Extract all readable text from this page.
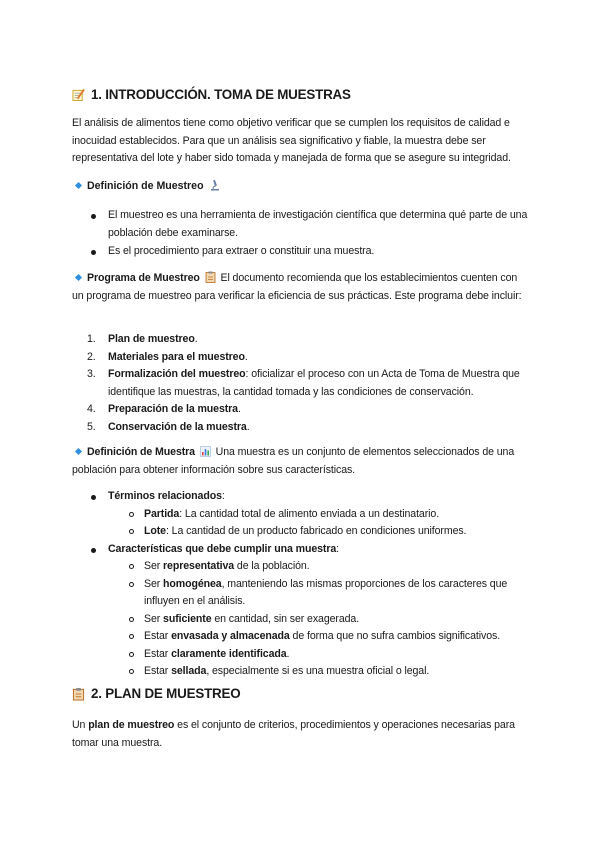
1. INTRODUCCIÓN. TOMA DE MUESTRAS
El análisis de alimentos tiene como objetivo verificar que se cumplen los requisitos de calidad e inocuidad establecidos. Para que un análisis sea significativo y fiable, la muestra debe ser representativa del lote y haber sido tomada y manejada de forma que se asegure su integridad.
Definición de Muestreo
El muestreo es una herramienta de investigación científica que determina qué parte de una población debe examinarse.
Es el procedimiento para extraer o constituir una muestra.
Programa de Muestreo  El documento recomienda que los establecimientos cuenten con un programa de muestreo para verificar la eficiencia de sus prácticas. Este programa debe incluir:
1. Plan de muestreo.
2. Materiales para el muestreo.
3. Formalización del muestreo: oficializar el proceso con un Acta de Toma de Muestra que identifique las muestras, la cantidad tomada y las condiciones de conservación.
4. Preparación de la muestra.
5. Conservación de la muestra.
Definición de Muestra  Una muestra es un conjunto de elementos seleccionados de una población para obtener información sobre sus características.
Términos relacionados:
Partida: La cantidad total de alimento enviada a un destinatario.
Lote: La cantidad de un producto fabricado en condiciones uniformes.
Características que debe cumplir una muestra:
Ser representativa de la población.
Ser homogénea, manteniendo las mismas proporciones de los caracteres que influyen en el análisis.
Ser suficiente en cantidad, sin ser exagerada.
Estar envasada y almacenada de forma que no sufra cambios significativos.
Estar claramente identificada.
Estar sellada, especialmente si es una muestra oficial o legal.
2. PLAN DE MUESTREO
Un plan de muestreo es el conjunto de criterios, procedimientos y operaciones necesarias para tomar una muestra.
